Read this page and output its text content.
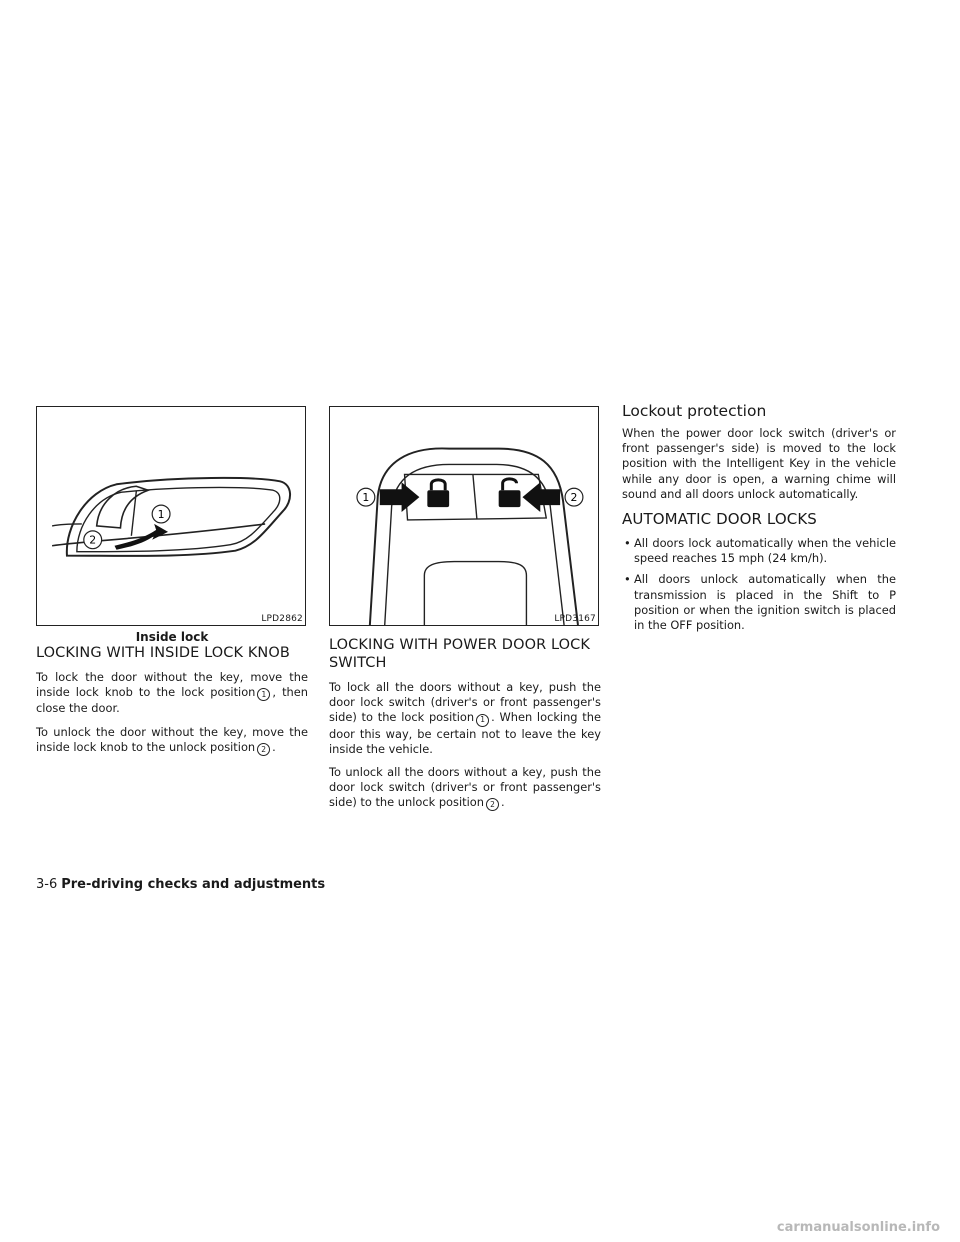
1
2
LPD2862
Inside lock
LOCKING WITH INSIDE LOCK KNOB

To lock the door without the key, move the inside lock knob to the lock position 1 , then close the door.

To unlock the door without the key, move the inside lock knob to the unlock position 2 .

1	2
LPD3167
LOCKING WITH POWER DOOR LOCK SWITCH

To lock all the doors without a key, push the door lock switch (driver's or front passenger's side) to the lock position 1 . When locking the door this way, be certain not to leave the key inside the vehicle.

To unlock all the doors without a key, push the door lock switch (driver's or front passenger's side) to the unlock position 2 .

Lockout protection

When the power door lock switch (driver's or front passenger's side) is moved to the lock position with the Intelligent Key in the vehicle while any door is open, a warning chime will sound and all doors unlock automatically.

AUTOMATIC DOOR LOCKS
• All doors lock automatically when the vehicle speed reaches 15 mph (24 km/h).
• All doors unlock automatically when the transmission is placed in the Shift to P position or when the ignition switch is placed in the OFF position.
3-6 Pre-driving checks and adjustments
carmanualsonline.info
